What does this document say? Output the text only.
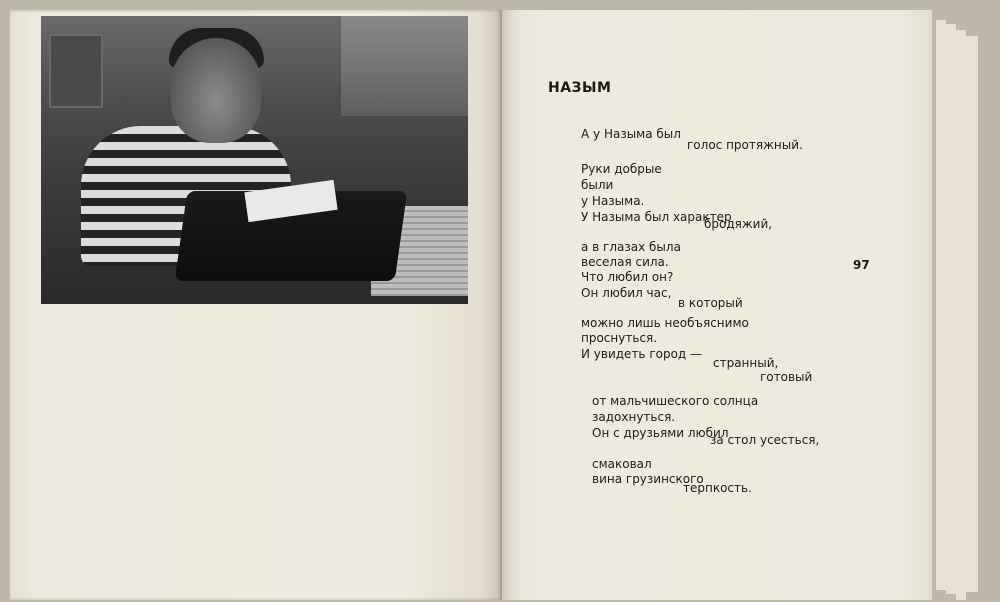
НАЗЫМ
97
А у Назыма был
голос протяжный.
Руки добрые
были
у Назыма.
У Назыма был характер
бродяжий,
а в глазах была
веселая сила.
Что любил он?
Он любил час,
в который
можно лишь необъяснимо
проснуться.
И увидеть город —
странный,
готовый
от мальчишеского солнца
задохнуться.
Он с друзьями любил
за стол усесться,
смаковал
вина грузинского
терпкость.
